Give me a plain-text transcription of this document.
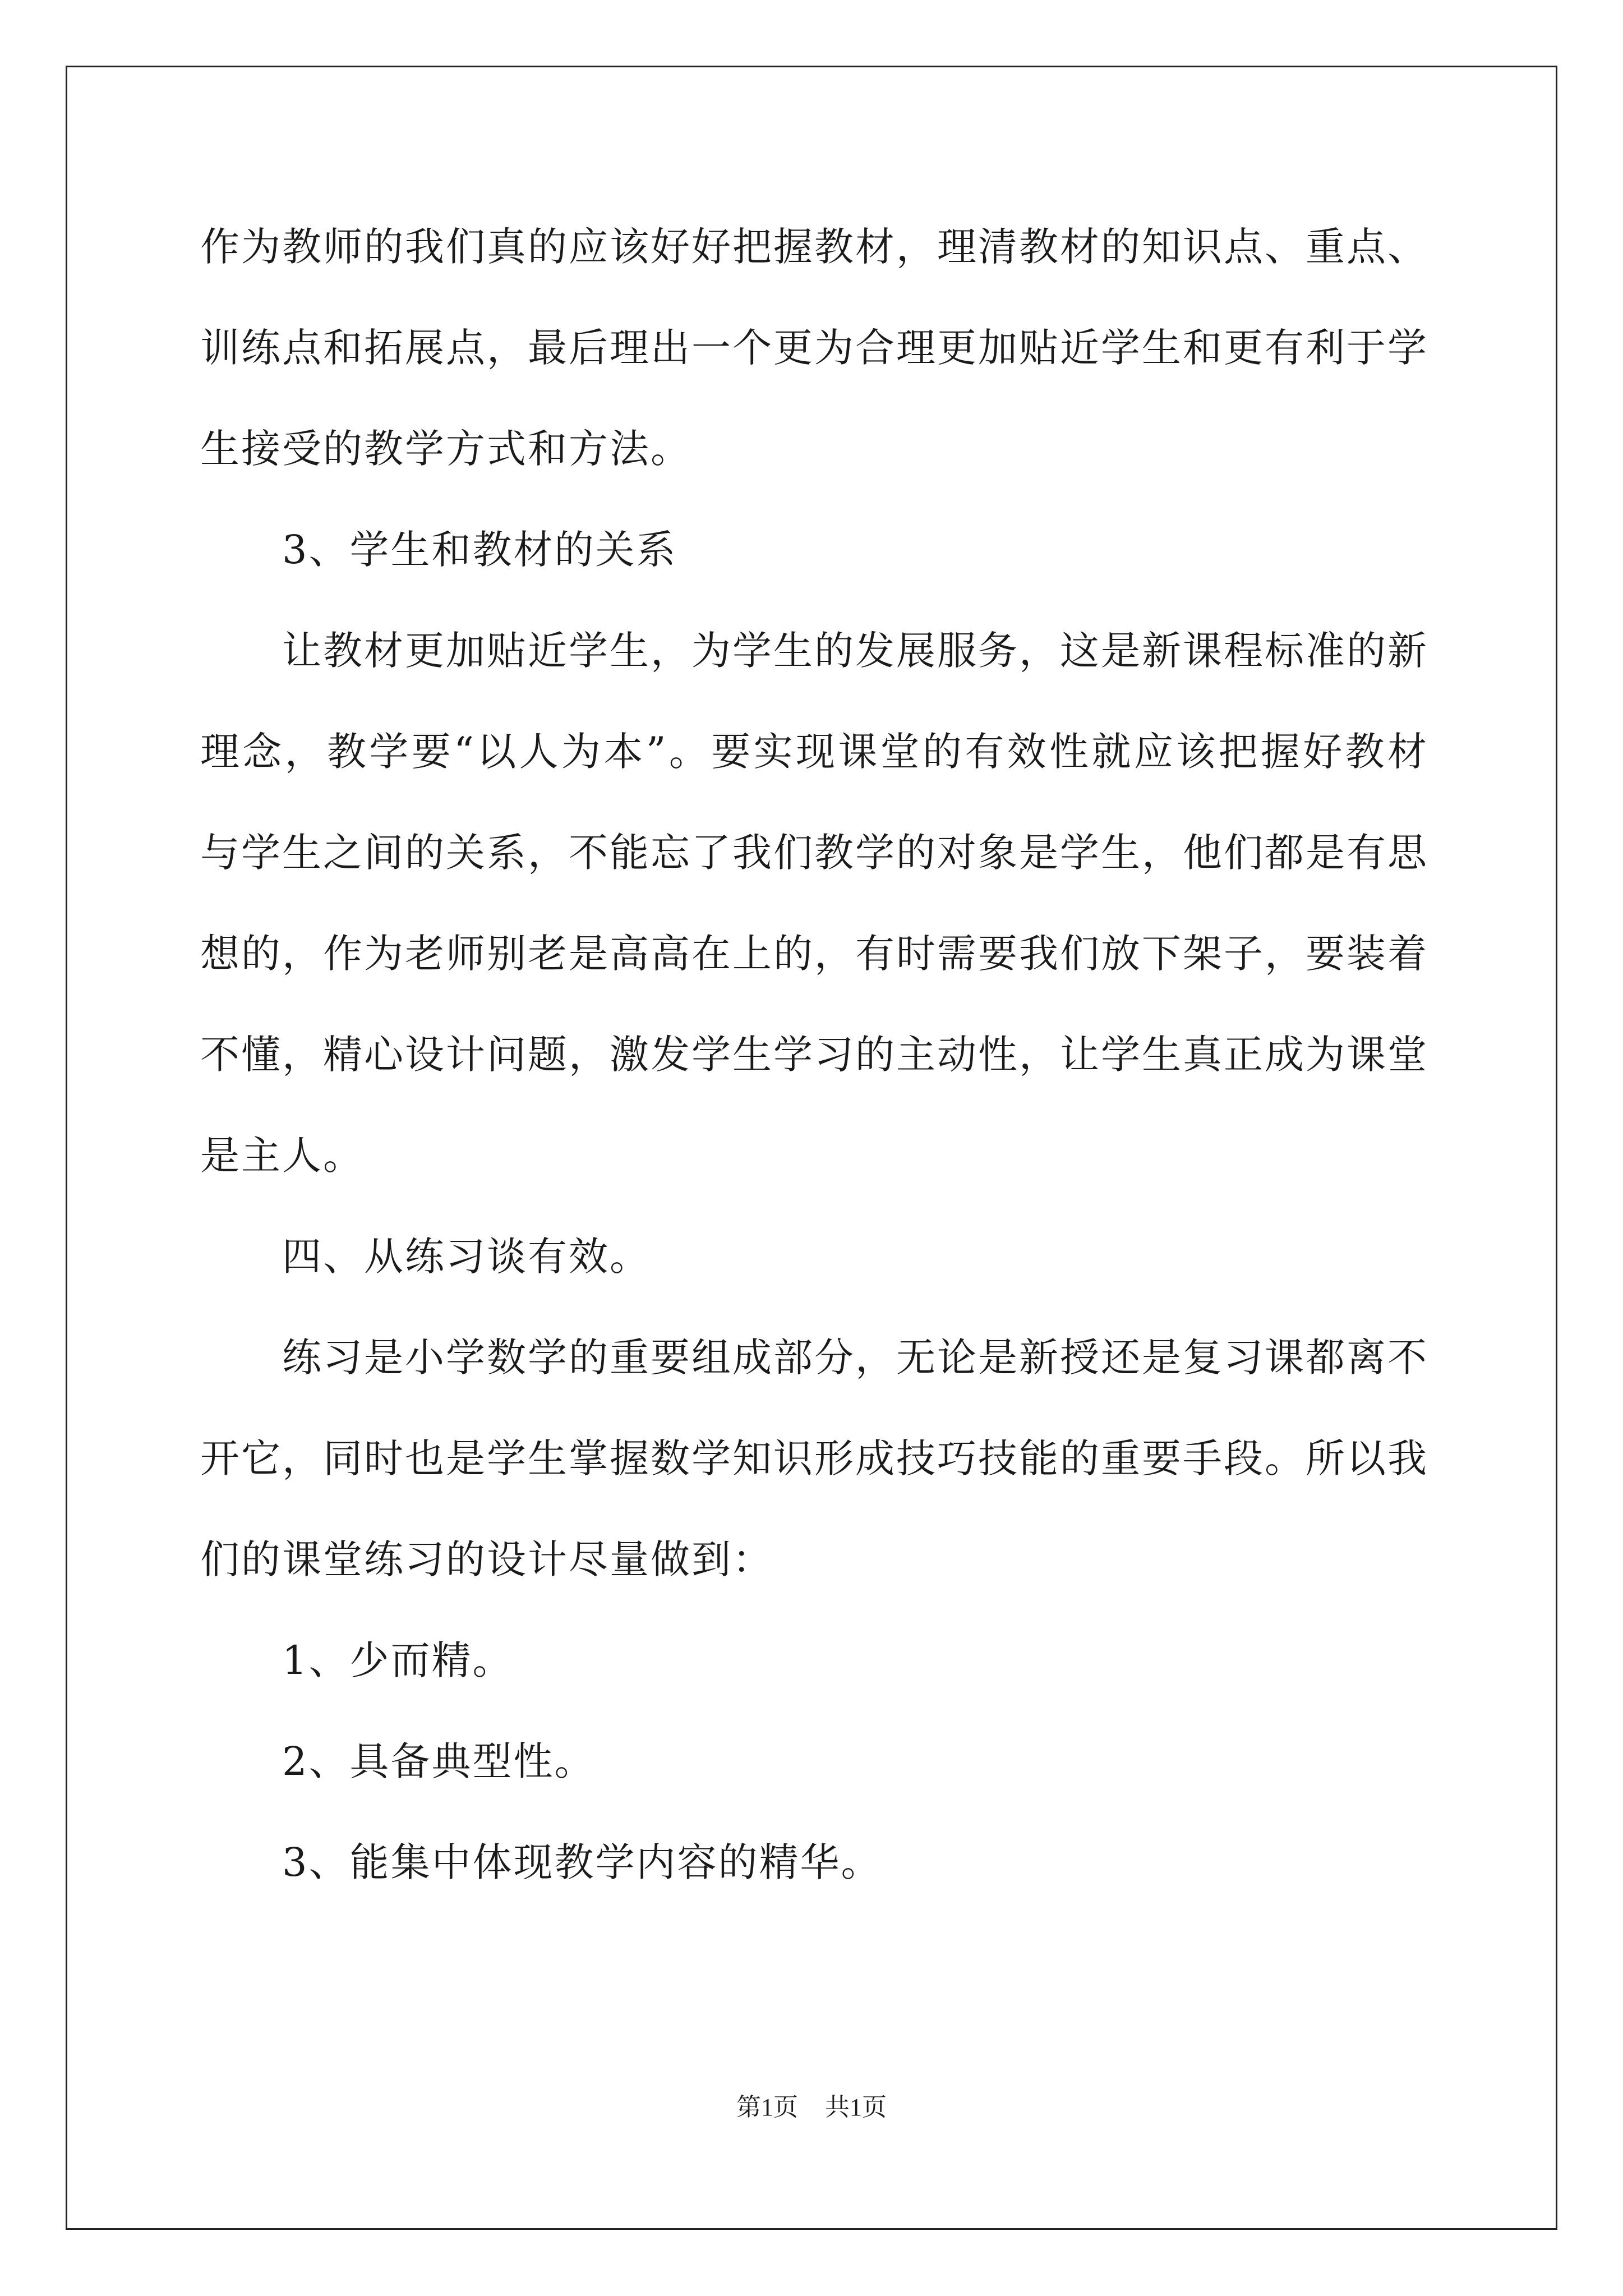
作为教师的我们真的应该好好把握教材，理清教材的知识点、重点、训练点和拓展点，最后理出一个更为合理更加贴近学生和更有利于学生接受的教学方式和方法。

3、学生和教材的关系

让教材更加贴近学生，为学生的发展服务，这是新课程标准的新理念，教学要“以人为本”。要实现课堂的有效性就应该把握好教材与学生之间的关系，不能忘了我们教学的对象是学生，他们都是有思想的，作为老师别老是高高在上的，有时需要我们放下架子，要装着不懂，精心设计问题，激发学生学习的主动性，让学生真正成为课堂是主人。

四、从练习谈有效。

练习是小学数学的重要组成部分，无论是新授还是复习课都离不开它，同时也是学生掌握数学知识形成技巧技能的重要手段。所以我们的课堂练习的设计尽量做到：

1、少而精。

2、具备典型性。

3、能集中体现教学内容的精华。

第1页 共1页
